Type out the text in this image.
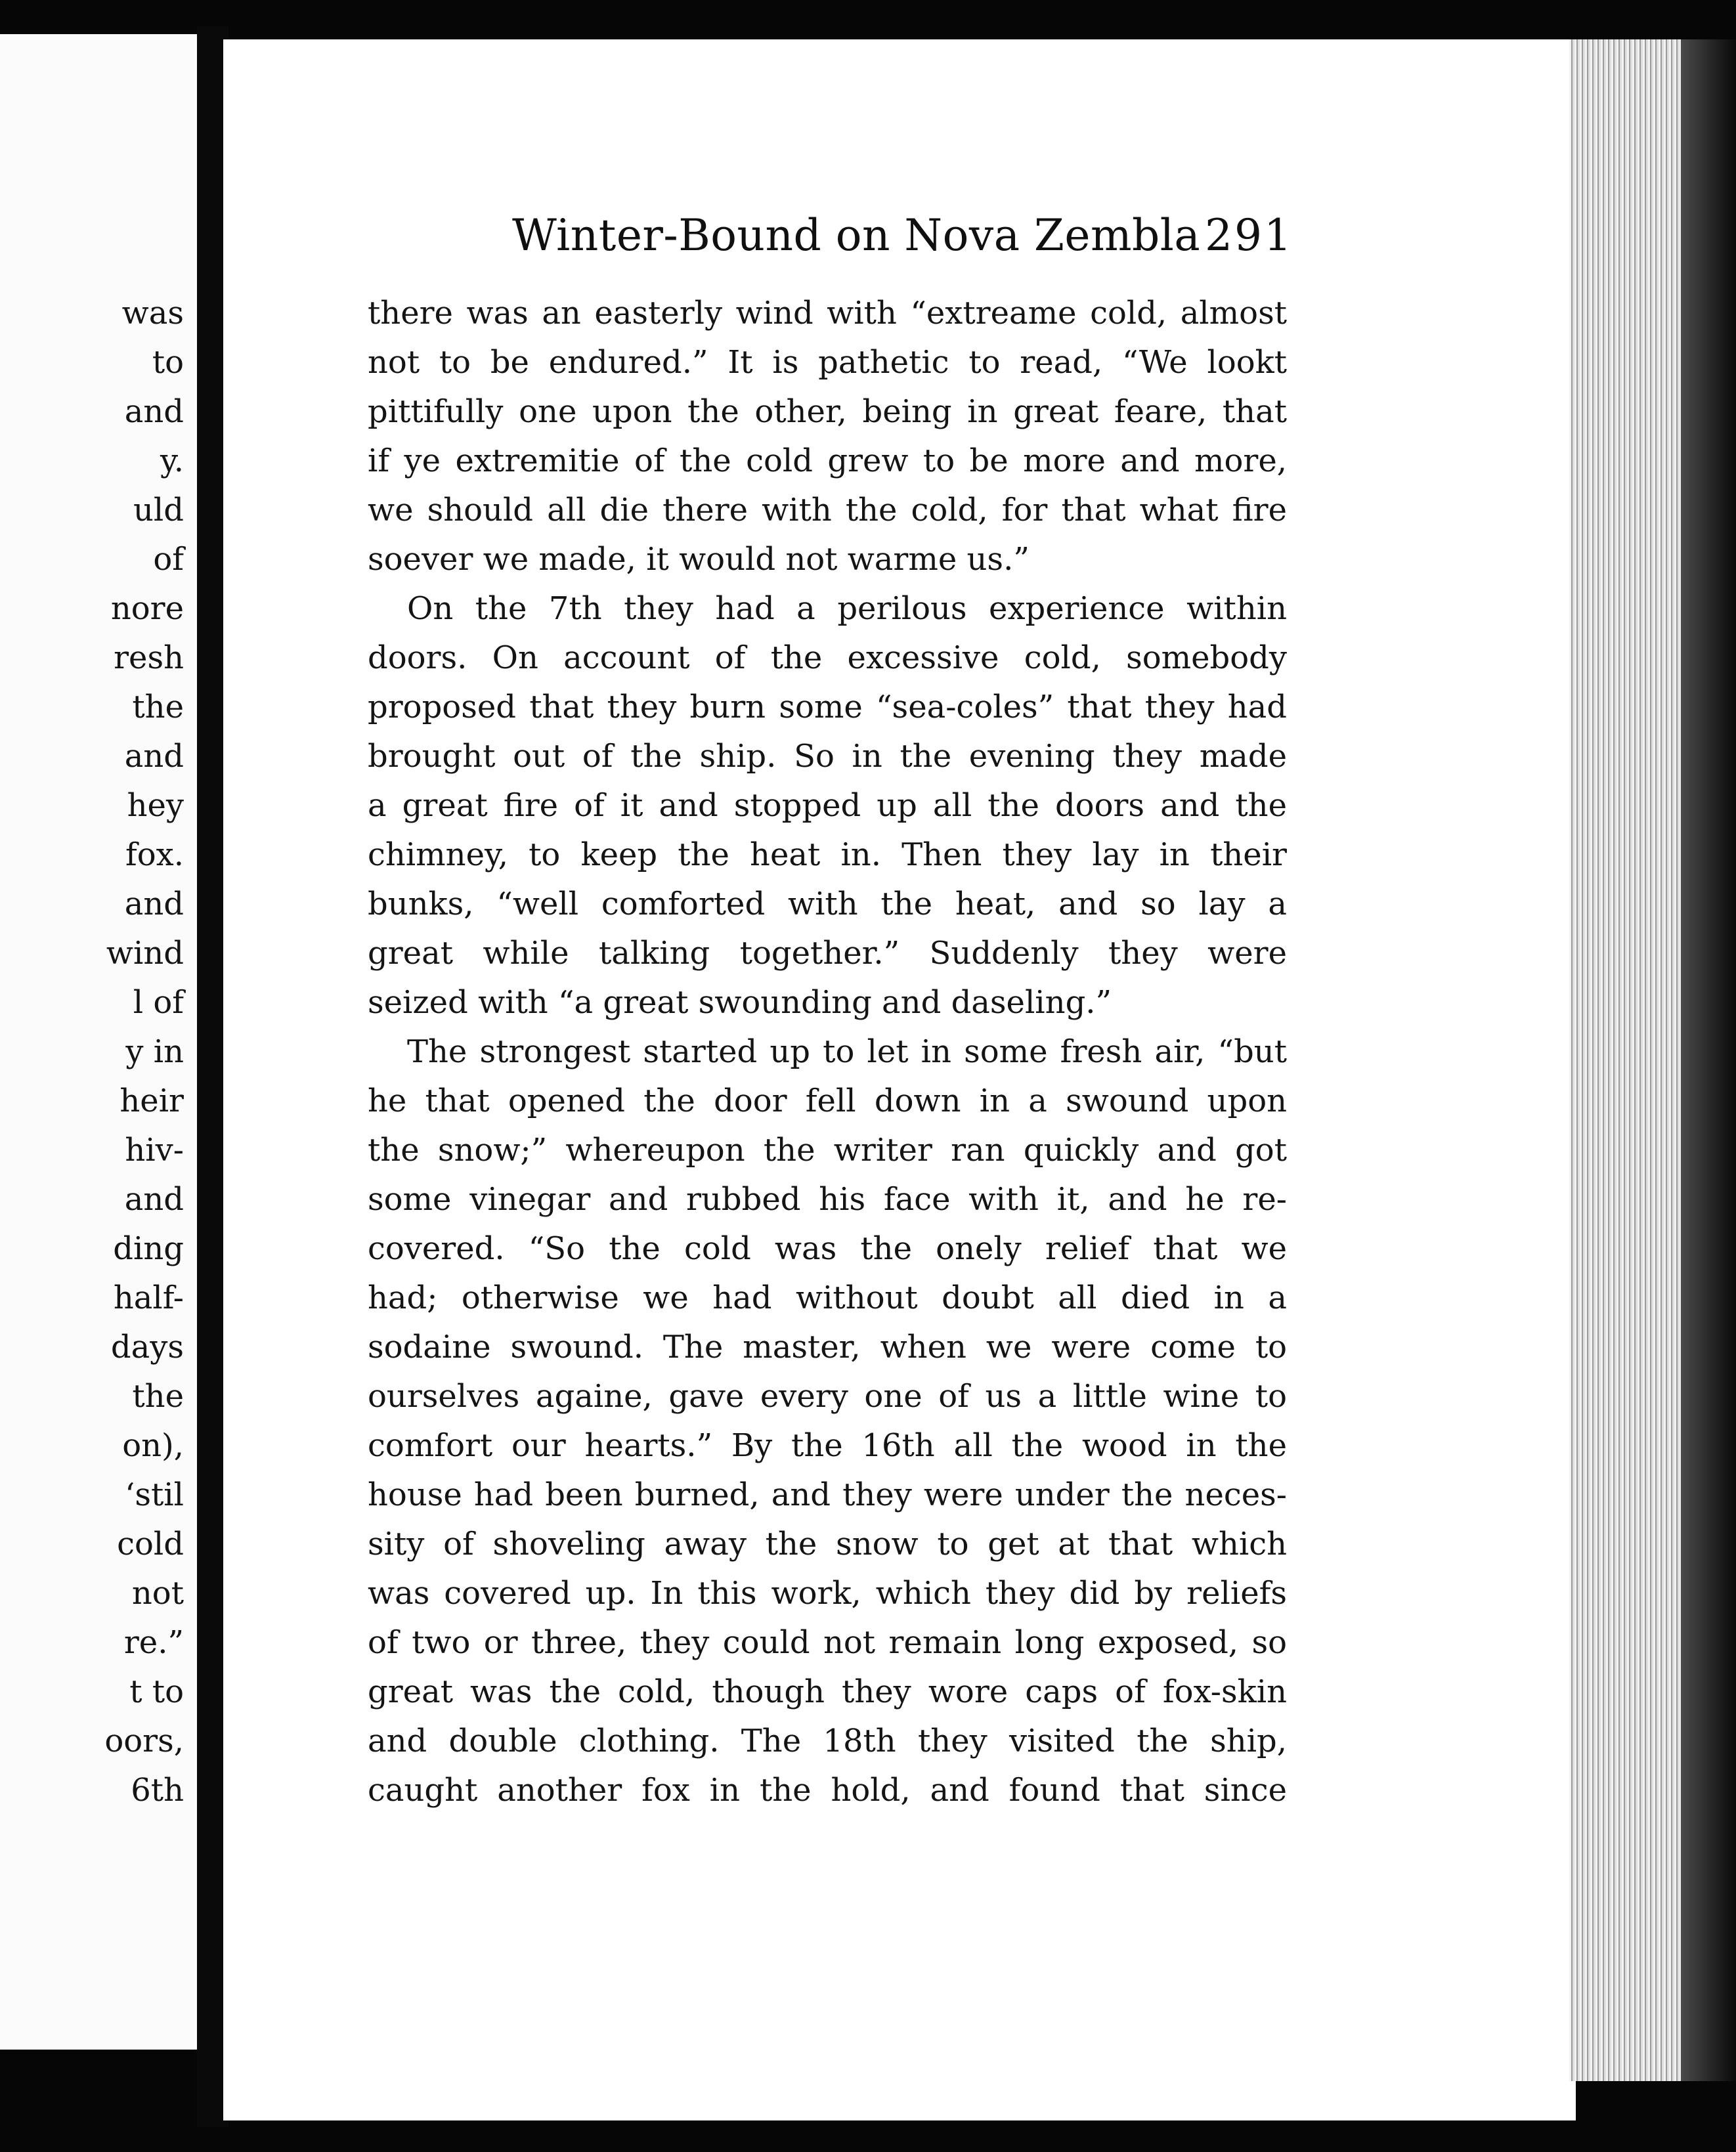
was
to
and
y.
uld
of
nore
resh
the
and
hey
fox.
and
wind
l of
y in
heir
hiv-
and
ding
half-
days
the
on),
‘stil
cold
not
re.”
t to
oors,
6th
Winter-Bound on Nova Zembla 291
there was an easterly wind with “extreame cold, almost
not to be endured.” It is pathetic to read, “We lookt
pittifully one upon the other, being in great feare, that
if ye extremitie of the cold grew to be more and more,
we should all die there with the cold, for that what fire
soever we made, it would not warme us.”
On the 7th they had a perilous experience within
doors. On account of the excessive cold, somebody
proposed that they burn some “sea-coles” that they had
brought out of the ship. So in the evening they made
a great fire of it and stopped up all the doors and the
chimney, to keep the heat in. Then they lay in their
bunks, “well comforted with the heat, and so lay a
great while talking together.” Suddenly they were
seized with “a great swounding and daseling.”
The strongest started up to let in some fresh air, “but
he that opened the door fell down in a swound upon
the snow;” whereupon the writer ran quickly and got
some vinegar and rubbed his face with it, and he re-
covered. “So the cold was the onely relief that we
had; otherwise we had without doubt all died in a
sodaine swound. The master, when we were come to
ourselves againe, gave every one of us a little wine to
comfort our hearts.” By the 16th all the wood in the
house had been burned, and they were under the neces-
sity of shoveling away the snow to get at that which
was covered up. In this work, which they did by reliefs
of two or three, they could not remain long exposed, so
great was the cold, though they wore caps of fox-skin
and double clothing. The 18th they visited the ship,
caught another fox in the hold, and found that since
